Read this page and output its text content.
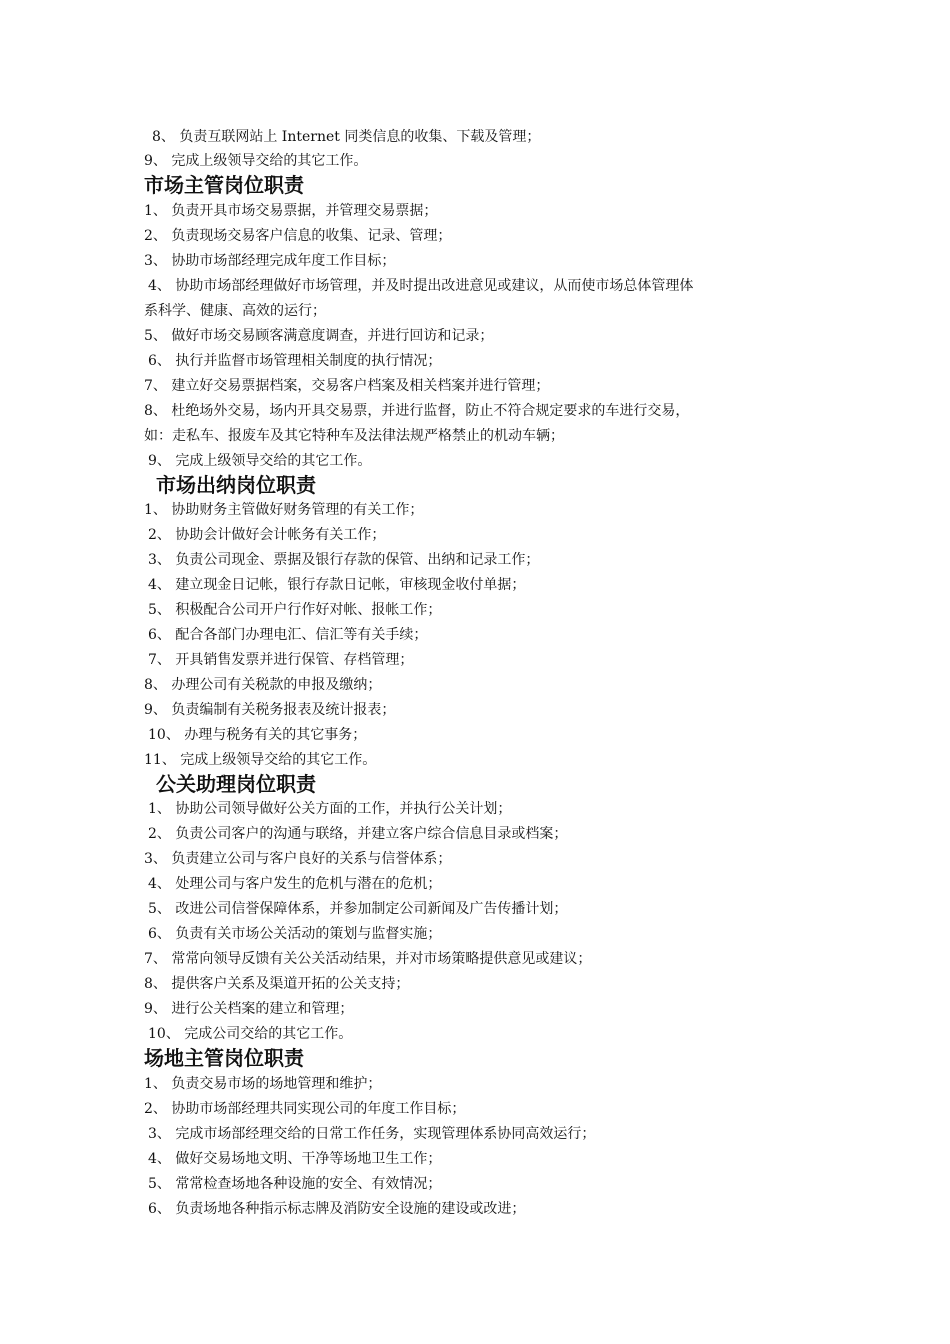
8、 负责互联网站上 Internet 同类信息的收集、下载及管理；
9、 完成上级领导交给的其它工作。
市场主管岗位职责
1、 负责开具市场交易票据，并管理交易票据；
2、 负责现场交易客户信息的收集、记录、管理；
3、 协助市场部经理完成年度工作目标；
4、 协助市场部经理做好市场管理，并及时提出改进意见或建议，从而使市场总体管理体
系科学、健康、高效的运行；
5、 做好市场交易顾客满意度调查，并进行回访和记录；
6、 执行并监督市场管理相关制度的执行情况；
7、 建立好交易票据档案，交易客户档案及相关档案并进行管理；
8、 杜绝场外交易，场内开具交易票，并进行监督，防止不符合规定要求的车进行交易，
如：走私车、报废车及其它特种车及法律法规严格禁止的机动车辆；
9、 完成上级领导交给的其它工作。
市场出纳岗位职责
1、 协助财务主管做好财务管理的有关工作；
2、 协助会计做好会计帐务有关工作；
3、 负责公司现金、票据及银行存款的保管、出纳和记录工作；
4、 建立现金日记帐，银行存款日记帐，审核现金收付单据；
5、 积极配合公司开户行作好对帐、报帐工作；
6、 配合各部门办理电汇、信汇等有关手续；
7、 开具销售发票并进行保管、存档管理；
8、 办理公司有关税款的申报及缴纳；
9、 负责编制有关税务报表及统计报表；
10、 办理与税务有关的其它事务；
11、 完成上级领导交给的其它工作。
公关助理岗位职责
1、 协助公司领导做好公关方面的工作，并执行公关计划；
2、 负责公司客户的沟通与联络，并建立客户综合信息目录或档案；
3、 负责建立公司与客户良好的关系与信誉体系；
4、 处理公司与客户发生的危机与潜在的危机；
5、 改进公司信誉保障体系，并参加制定公司新闻及广告传播计划；
6、 负责有关市场公关活动的策划与监督实施；
7、 常常向领导反馈有关公关活动结果，并对市场策略提供意见或建议；
8、 提供客户关系及渠道开拓的公关支持；
9、 进行公关档案的建立和管理；
10、 完成公司交给的其它工作。
场地主管岗位职责
1、 负责交易市场的场地管理和维护；
2、 协助市场部经理共同实现公司的年度工作目标；
3、 完成市场部经理交给的日常工作任务，实现管理体系协同高效运行；
4、 做好交易场地文明、干净等场地卫生工作；
5、 常常检查场地各种设施的安全、有效情况；
6、 负责场地各种指示标志牌及消防安全设施的建设或改进；
